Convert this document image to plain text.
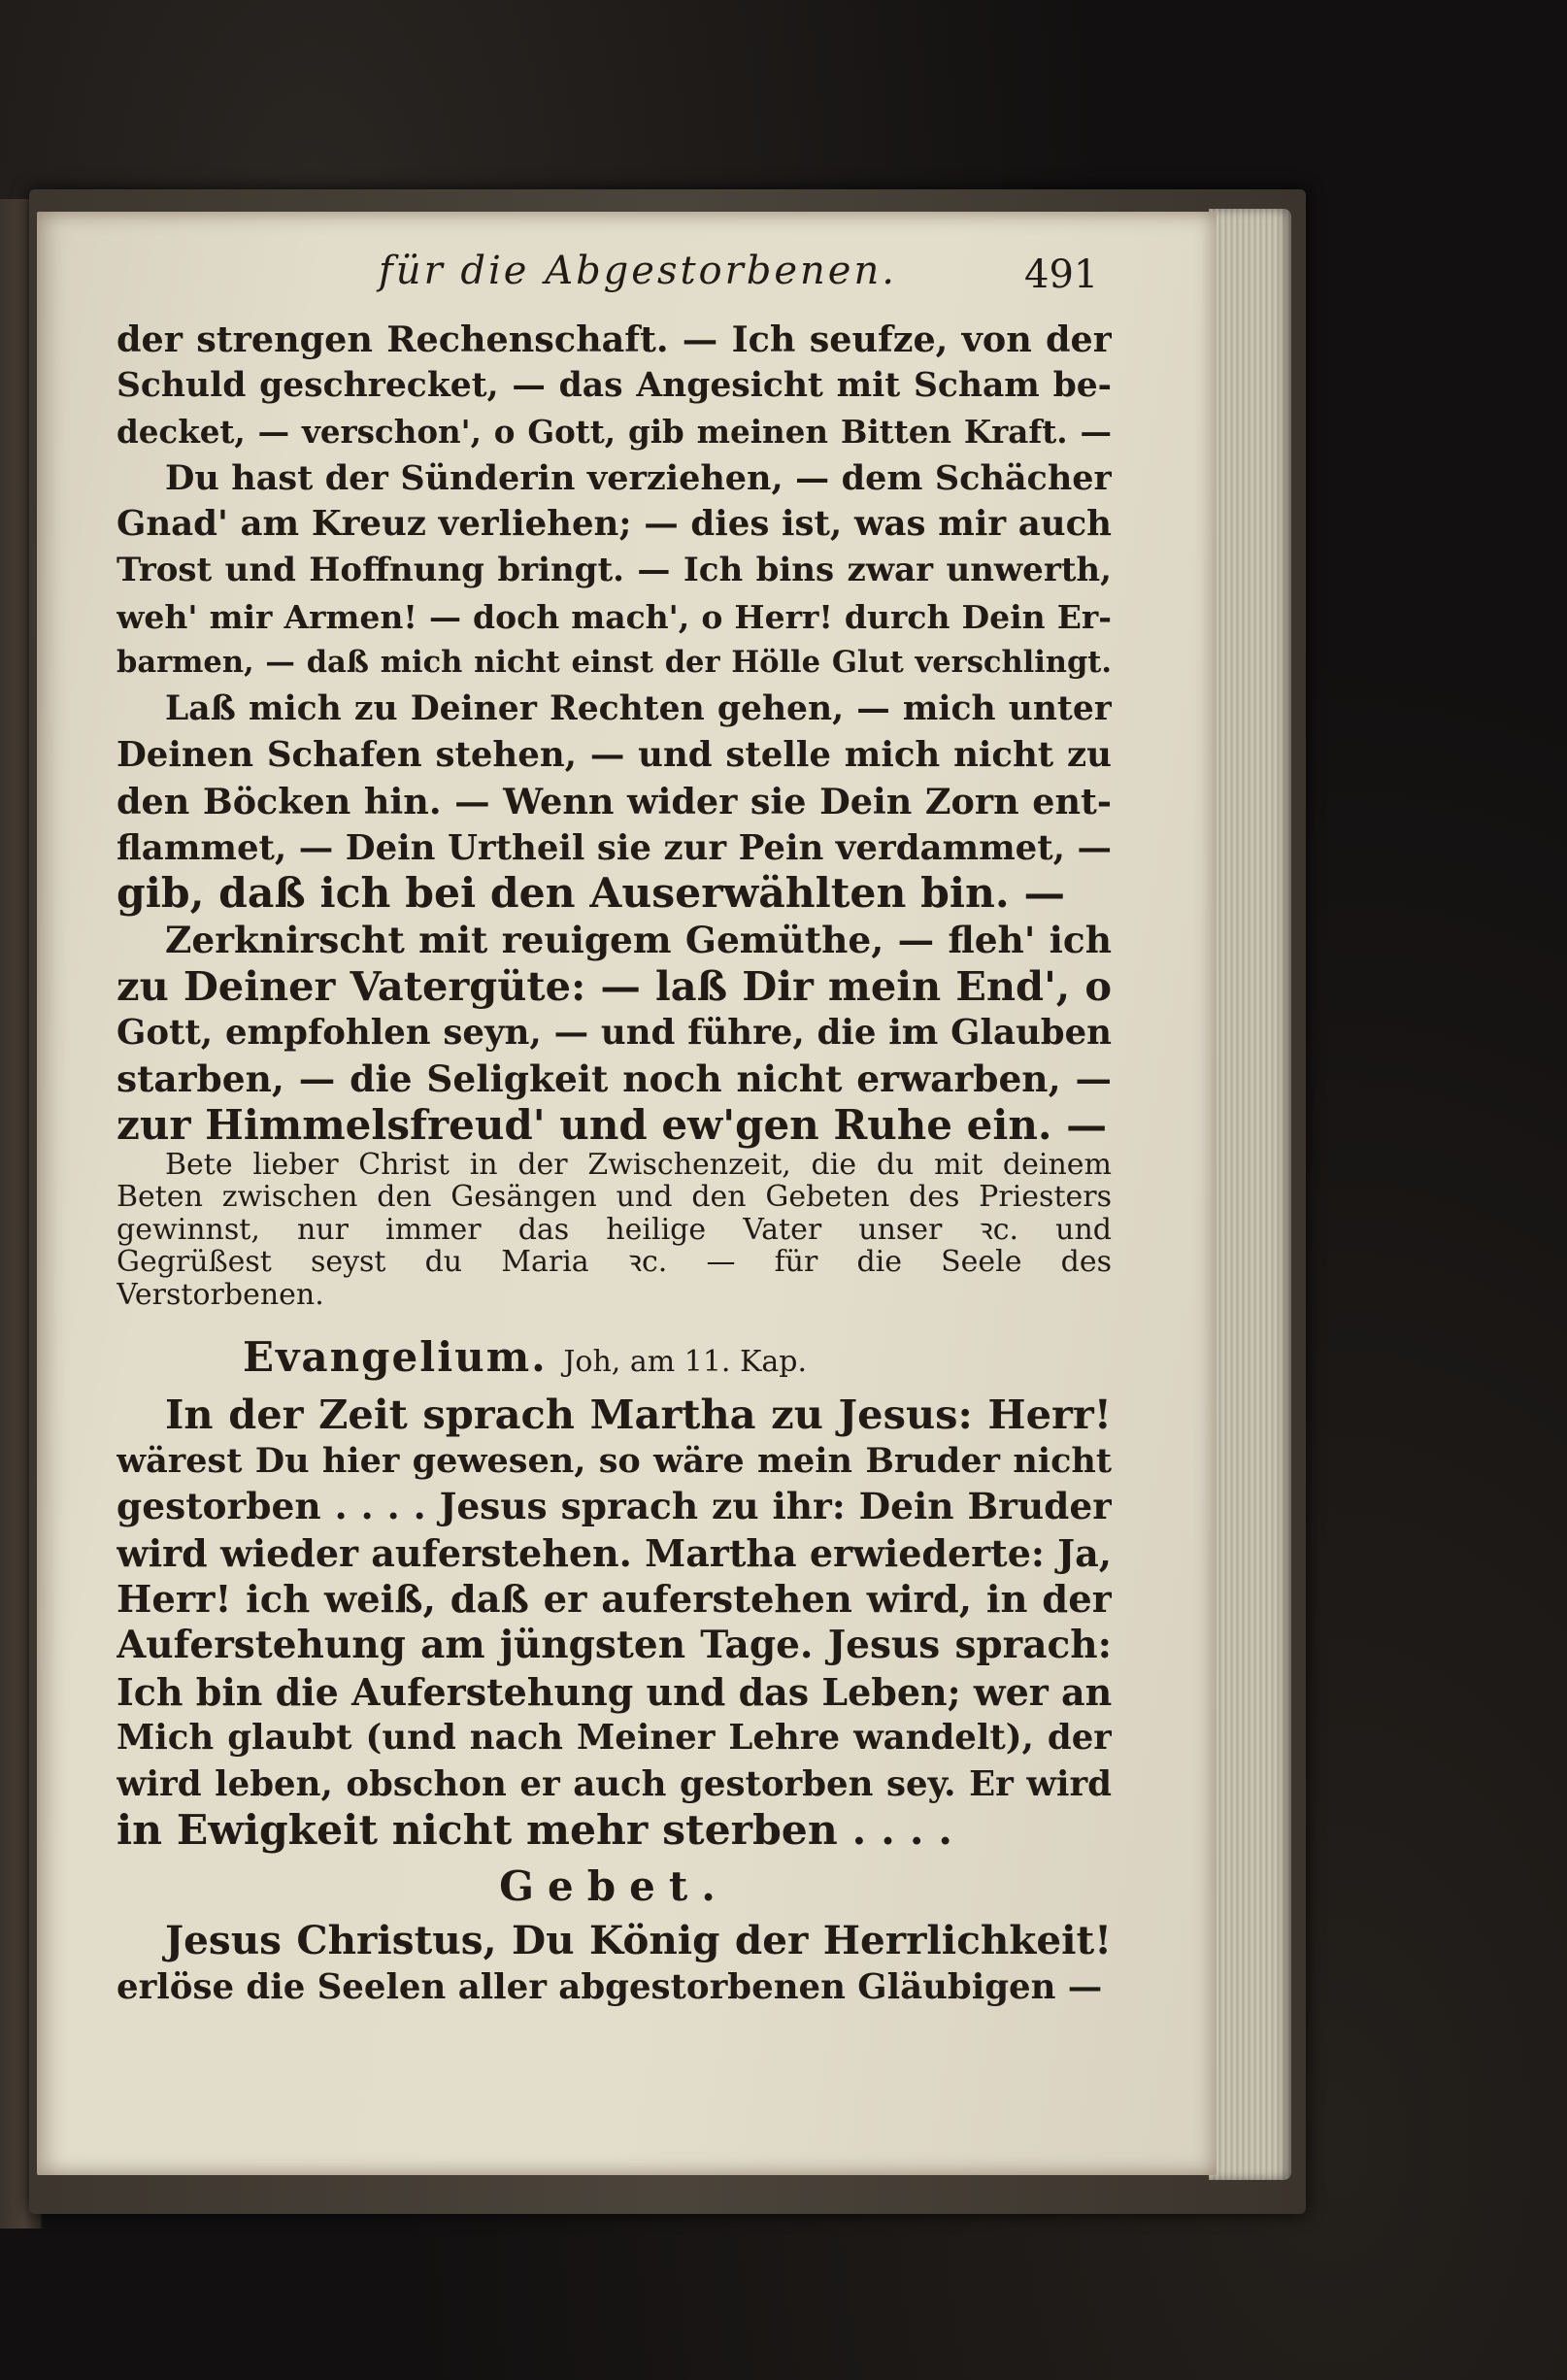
für die Abgestorbenen.	491
der strengen Rechenschaft. — Ich seufze, von der
Schuld geschrecket, — das Angesicht mit Scham be-
decket, — verschon', o Gott, gib meinen Bitten Kraft. —
Du hast der Sünderin verziehen, — dem Schächer
Gnad' am Kreuz verliehen; — dies ist, was mir auch
Trost und Hoffnung bringt. — Ich bins zwar unwerth,
weh' mir Armen! — doch mach', o Herr! durch Dein Er-
barmen, — daß mich nicht einst der Hölle Glut verschlingt.
Laß mich zu Deiner Rechten gehen, — mich unter
Deinen Schafen stehen, — und stelle mich nicht zu
den Böcken hin. — Wenn wider sie Dein Zorn ent-
flammet, — Dein Urtheil sie zur Pein verdammet, —
gib, daß ich bei den Auserwählten bin. —
Zerknirscht mit reuigem Gemüthe, — fleh' ich
zu Deiner Vatergüte: — laß Dir mein End', o
Gott, empfohlen seyn, — und führe, die im Glauben
starben, — die Seligkeit noch nicht erwarben, —
zur Himmelsfreud' und ew'gen Ruhe ein. —
Bete lieber Christ in der Zwischenzeit, die du mit deinem
Beten zwischen den Gesängen und den Gebeten des Priesters
gewinnst, nur immer das heilige Vater unser ꝛc. und
Gegrüßest seyst du Maria ꝛc. — für die Seele des
Verstorbenen.
Evangelium. Joh, am 11. Kap.
In der Zeit sprach Martha zu Jesus: Herr!
wärest Du hier gewesen, so wäre mein Bruder nicht
gestorben . . . . Jesus sprach zu ihr: Dein Bruder
wird wieder auferstehen. Martha erwiederte: Ja,
Herr! ich weiß, daß er auferstehen wird, in der
Auferstehung am jüngsten Tage. Jesus sprach:
Ich bin die Auferstehung und das Leben; wer an
Mich glaubt (und nach Meiner Lehre wandelt), der
wird leben, obschon er auch gestorben sey. Er wird
in Ewigkeit nicht mehr sterben . . . .
Gebet.
Jesus Christus, Du König der Herrlichkeit!
erlöse die Seelen aller abgestorbenen Gläubigen —
